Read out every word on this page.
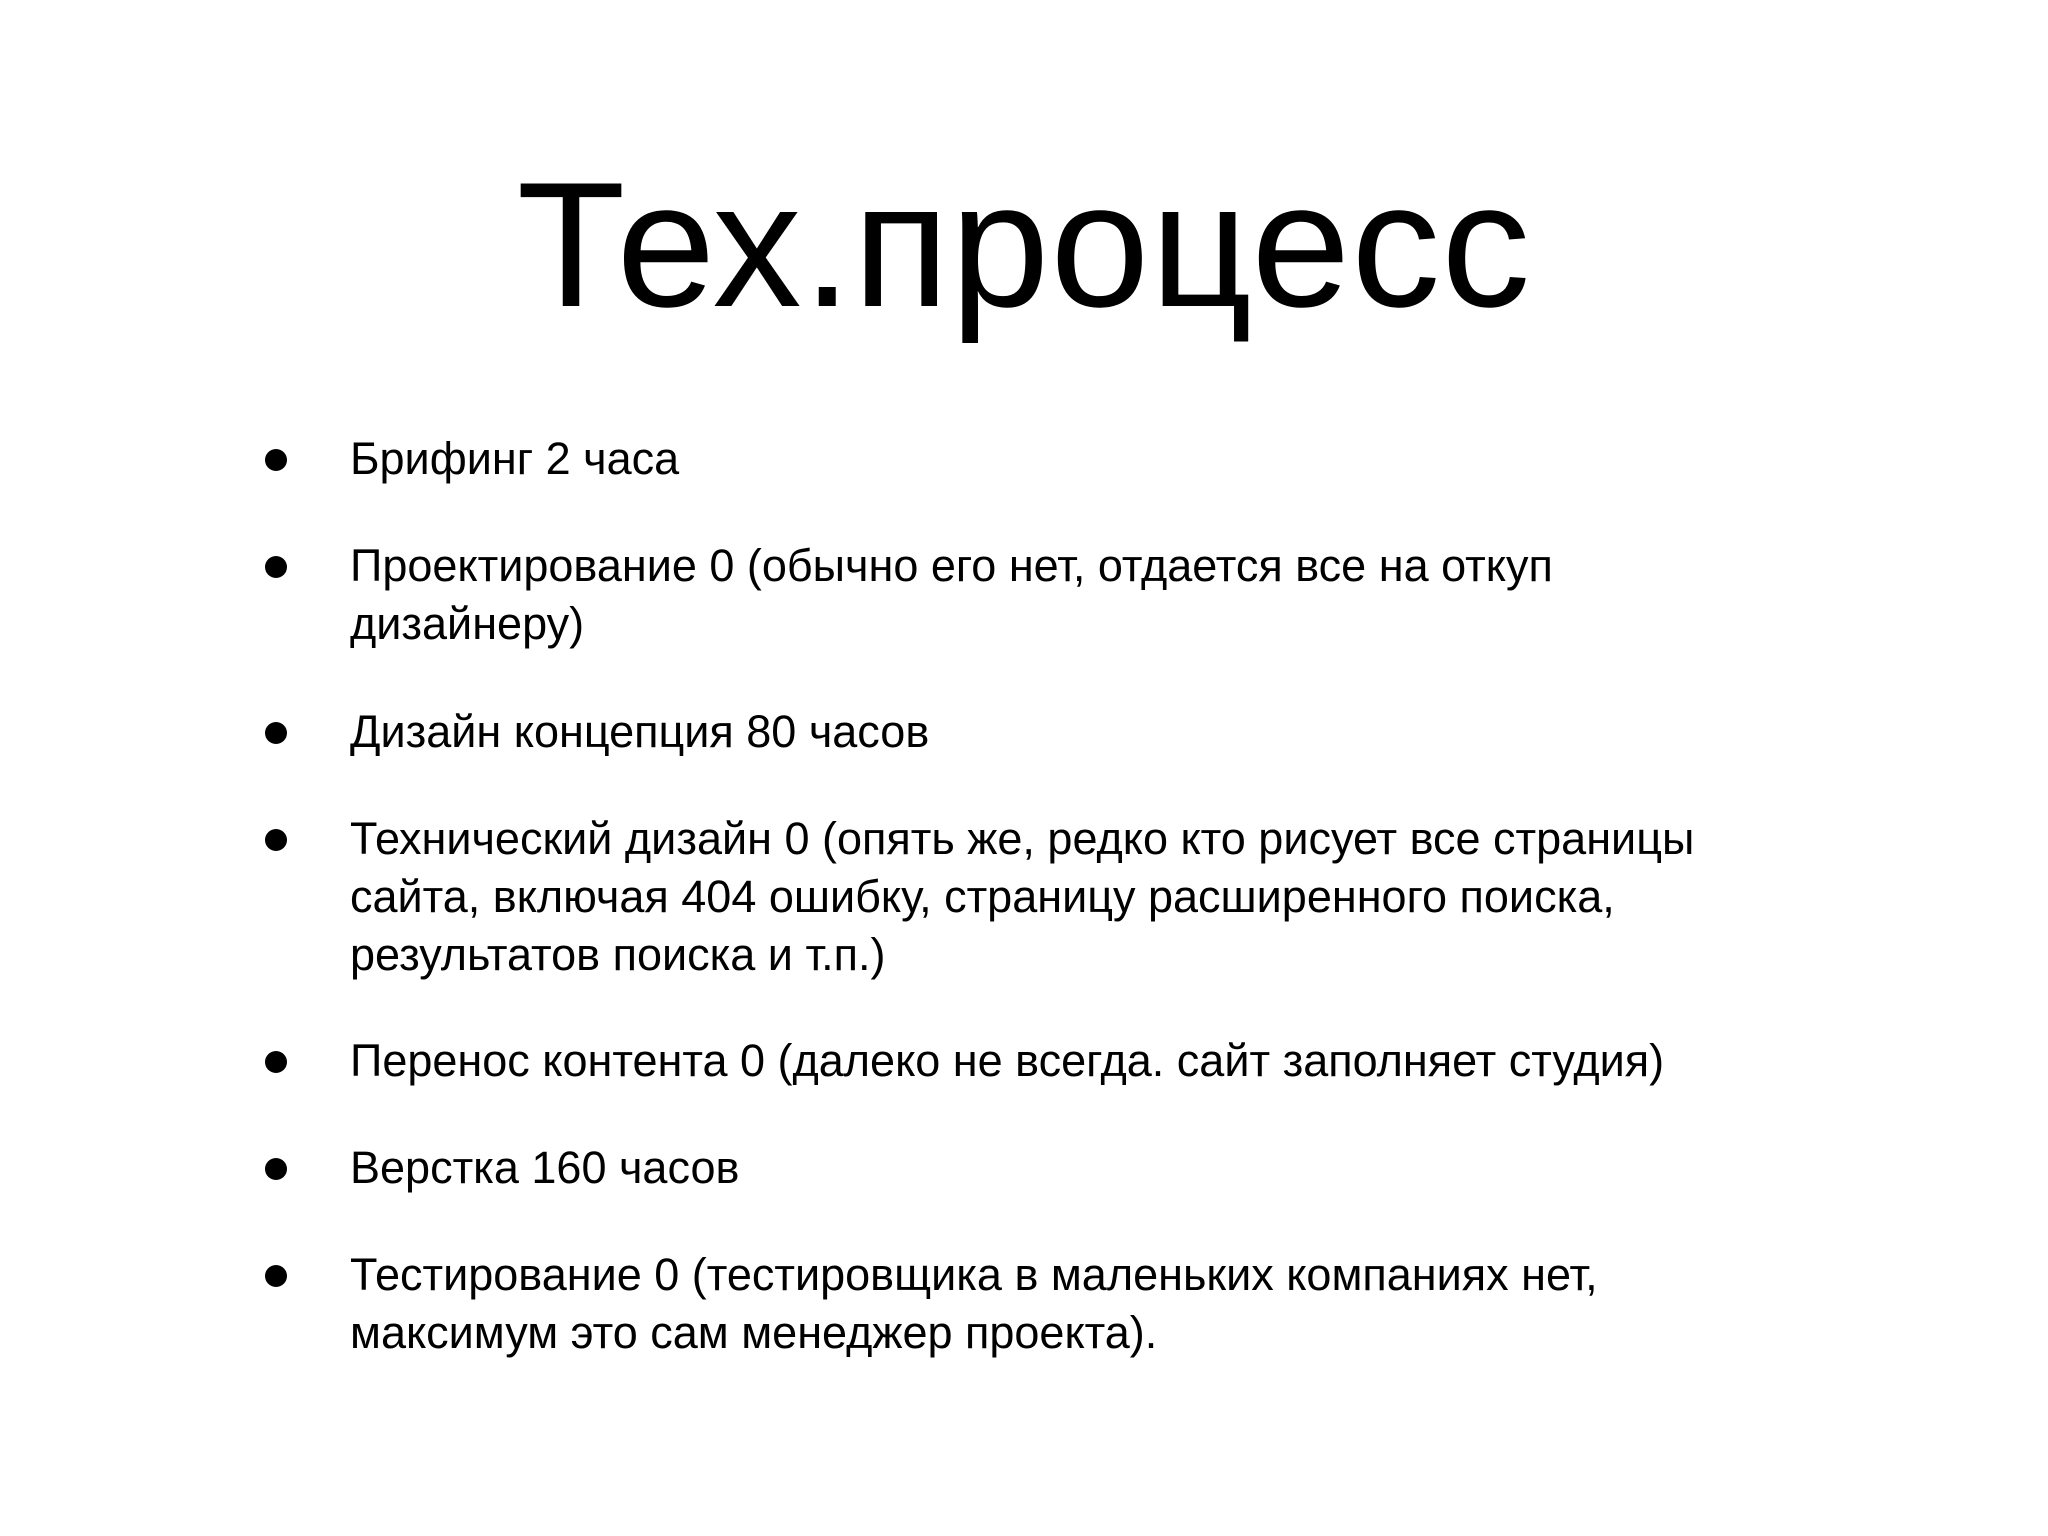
Тех.процесс
Брифинг 2 часа
Проектирование 0 (обычно его нет, отдается все на откуп
дизайнеру)
Дизайн концепция 80 часов
Технический дизайн 0 (опять же, редко кто рисует все страницы
сайта, включая 404 ошибку, страницу расширенного поиска,
результатов поиска и т.п.)
Перенос контента 0 (далеко не всегда. сайт заполняет студия)
Верстка 160 часов
Тестирование 0 (тестировщика в маленьких компаниях нет,
максимум это сам менеджер проекта).
